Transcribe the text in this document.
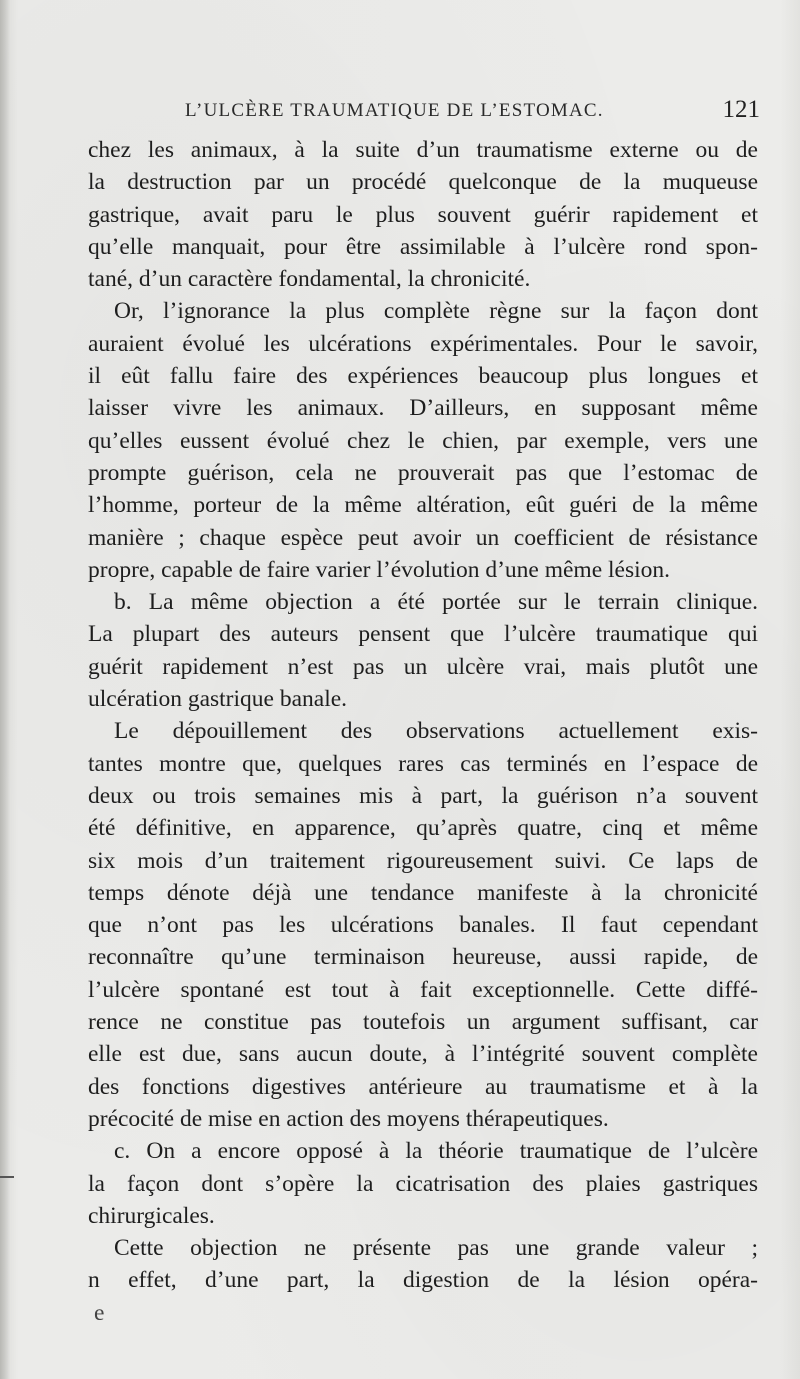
L’ULCÈRE TRAUMATIQUE DE L’ESTOMAC.	121
chez les animaux, à la suite d’un traumatisme externe ou de
la destruction par un procédé quelconque de la muqueuse
gastrique, avait paru le plus souvent guérir rapidement et
qu’elle manquait, pour être assimilable à l’ulcère rond spon-
tané, d’un caractère fondamental, la chronicité.
Or, l’ignorance la plus complète règne sur la façon dont
auraient évolué les ulcérations expérimentales. Pour le savoir,
il eût fallu faire des expériences beaucoup plus longues et
laisser vivre les animaux. D’ailleurs, en supposant même
qu’elles eussent évolué chez le chien, par exemple, vers une
prompte guérison, cela ne prouverait pas que l’estomac de
l’homme, porteur de la même altération, eût guéri de la même
manière ; chaque espèce peut avoir un coefficient de résistance
propre, capable de faire varier l’évolution d’une même lésion.
b. La même objection a été portée sur le terrain clinique.
La plupart des auteurs pensent que l’ulcère traumatique qui
guérit rapidement n’est pas un ulcère vrai, mais plutôt une
ulcération gastrique banale.
Le dépouillement des observations actuellement exis-
tantes montre que, quelques rares cas terminés en l’espace de
deux ou trois semaines mis à part, la guérison n’a souvent
été définitive, en apparence, qu’après quatre, cinq et même
six mois d’un traitement rigoureusement suivi. Ce laps de
temps dénote déjà une tendance manifeste à la chronicité
que n’ont pas les ulcérations banales. Il faut cependant
reconnaître qu’une terminaison heureuse, aussi rapide, de
l’ulcère spontané est tout à fait exceptionnelle. Cette diffé-
rence ne constitue pas toutefois un argument suffisant, car
elle est due, sans aucun doute, à l’intégrité souvent complète
des fonctions digestives antérieure au traumatisme et à la
précocité de mise en action des moyens thérapeutiques.
c. On a encore opposé à la théorie traumatique de l’ulcère
la façon dont s’opère la cicatrisation des plaies gastriques
chirurgicales.
Cette objection ne présente pas une grande valeur ;
n effet, d’une part, la digestion de la lésion opéra-
e
